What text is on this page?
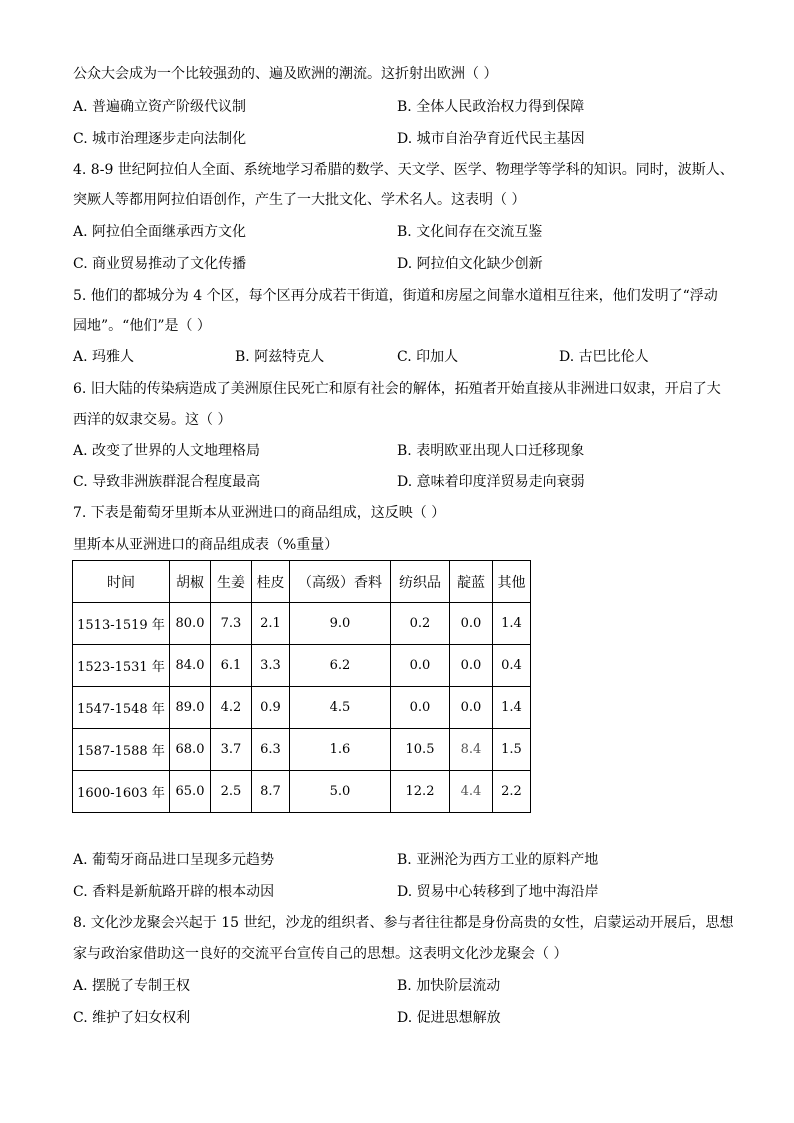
公众大会成为一个比较强劲的、遍及欧洲的潮流。这折射出欧洲（ ）
A. 普遍确立资产阶级代议制	B. 全体人民政治权力得到保障
C. 城市治理逐步走向法制化	D. 城市自治孕育近代民主基因
4. 8-9 世纪阿拉伯人全面、系统地学习希腊的数学、天文学、医学、物理学等学科的知识。同时，波斯人、
突厥人等都用阿拉伯语创作，产生了一大批文化、学术名人。这表明（ ）
A. 阿拉伯全面继承西方文化	B. 文化间存在交流互鉴
C. 商业贸易推动了文化传播	D. 阿拉伯文化缺少创新
5. 他们的都城分为 4 个区，每个区再分成若干街道，街道和房屋之间靠水道相互往来，他们发明了“浮动
园地”。“他们”是（ ）
A. 玛雅人	B. 阿兹特克人	C. 印加人	D. 古巴比伦人
6. 旧大陆的传染病造成了美洲原住民死亡和原有社会的解体，拓殖者开始直接从非洲进口奴隶，开启了大
西洋的奴隶交易。这（ ）
A. 改变了世界的人文地理格局	B. 表明欧亚出现人口迁移现象
C. 导致非洲族群混合程度最高	D. 意味着印度洋贸易走向衰弱
7. 下表是葡萄牙里斯本从亚洲进口的商品组成，这反映（ ）
里斯本从亚洲进口的商品组成表（%重量）
时间	胡椒	生姜	桂皮	（高级）香料	纺织品	靛蓝	其他
1513-1519 年	80.0	7.3	2.1	9.0	0.2	0.0	1.4
1523-1531 年	84.0	6.1	3.3	6.2	0.0	0.0	0.4
1547-1548 年	89.0	4.2	0.9	4.5	0.0	0.0	1.4
1587-1588 年	68.0	3.7	6.3	1.6	10.5	8.4	1.5
1600-1603 年	65.0	2.5	8.7	5.0	12.2	4.4	2.2
A. 葡萄牙商品进口呈现多元趋势	B. 亚洲沦为西方工业的原料产地
C. 香料是新航路开辟的根本动因	D. 贸易中心转移到了地中海沿岸
8. 文化沙龙聚会兴起于 15 世纪，沙龙的组织者、参与者往往都是身份高贵的女性，启蒙运动开展后，思想
家与政治家借助这一良好的交流平台宣传自己的思想。这表明文化沙龙聚会（ ）
A. 摆脱了专制王权	B. 加快阶层流动
C. 维护了妇女权利	D. 促进思想解放
